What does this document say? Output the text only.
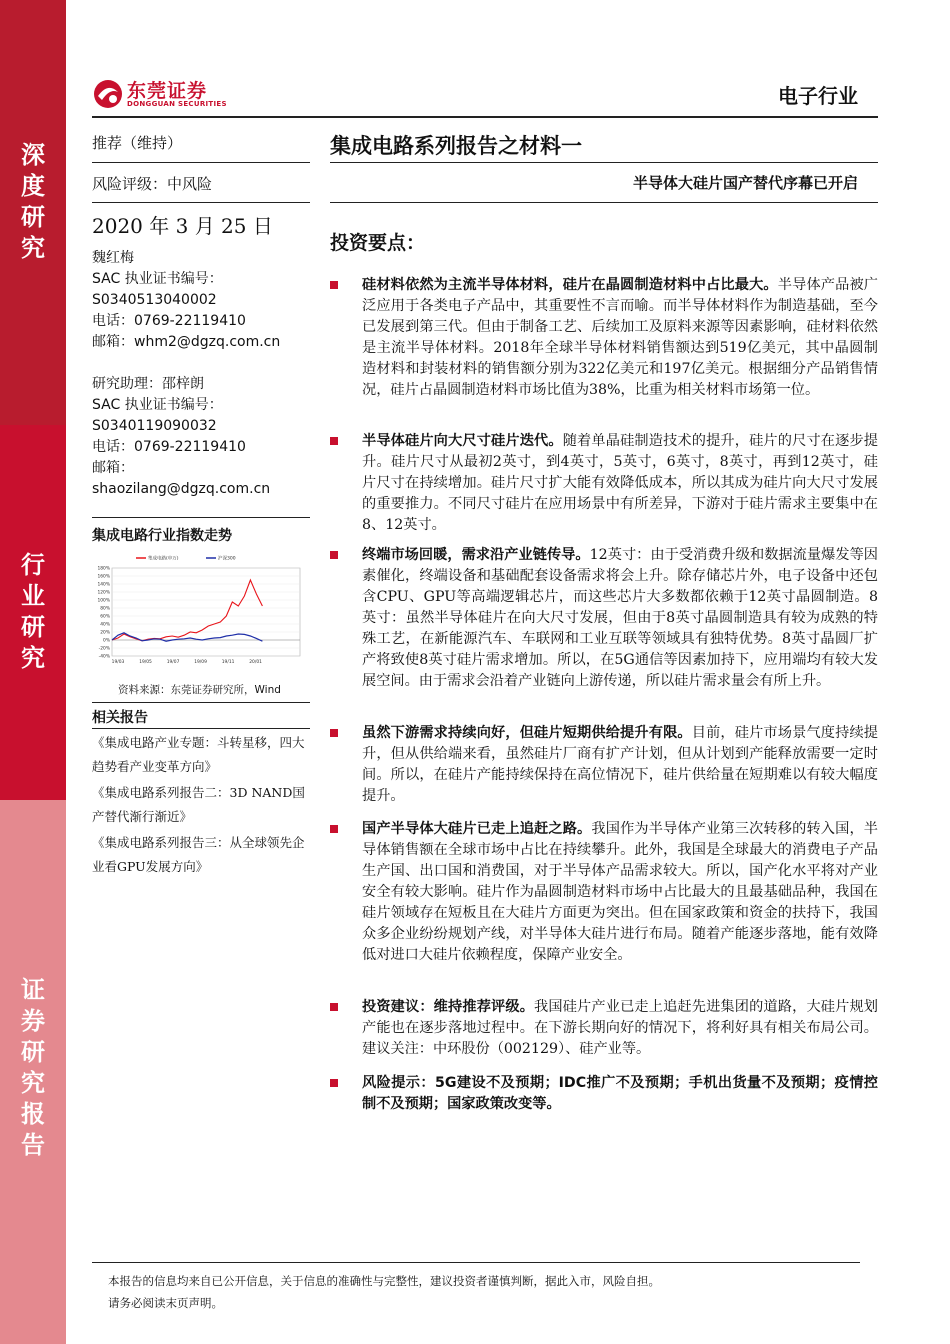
深度研究
行业研究
证券研究报告
东莞证券
DONGGUAN SECURITIES	电子行业
推荐（维持）
风险评级：中风险
2020 年 3 月 25 日
魏红梅
SAC 执业证书编号：
S0340513040002
电话：0769-22119410
邮箱：whm2@dgzq.com.cn
研究助理：邵梓朗
SAC 执业证书编号：
S0340119090032
电话：0769-22119410
邮箱：
shaozilang@dgzq.com.cn
集成电路行业指数走势
集成电路(申万)	沪深300
180%
160%
140%
120%
100%
80%
60%
40%
20%
0%
-20%
-40%
19/03	19/05	19/07	19/09	19/11	20/01
资料来源：东莞证券研究所，Wind
相关报告
《集成电路产业专题：斗转星移，四大趋势看产业变革方向》
《集成电路系列报告二：3D NAND国产替代渐行渐近》
《集成电路系列报告三：从全球领先企业看GPU发展方向》
集成电路系列报告之材料一
半导体大硅片国产替代序幕已开启
投资要点：
硅材料依然为主流半导体材料，硅片在晶圆制造材料中占比最大。半导体产品被广泛应用于各类电子产品中，其重要性不言而喻。而半导体材料作为制造基础，至今已发展到第三代。但由于制备工艺、后续加工及原料来源等因素影响，硅材料依然是主流半导体材料。2018年全球半导体材料销售额达到519亿美元，其中晶圆制造材料和封装材料的销售额分别为322亿美元和197亿美元。根据细分产品销售情况，硅片占晶圆制造材料市场比值为38%，比重为相关材料市场第一位。
半导体硅片向大尺寸硅片迭代。随着单晶硅制造技术的提升，硅片的尺寸在逐步提升。硅片尺寸从最初2英寸，到4英寸，5英寸，6英寸，8英寸，再到12英寸，硅片尺寸在持续增加。硅片尺寸扩大能有效降低成本，所以其成为硅片向大尺寸发展的重要推力。不同尺寸硅片在应用场景中有所差异，下游对于硅片需求主要集中在8、12英寸。
终端市场回暖，需求沿产业链传导。12英寸：由于受消费升级和数据流量爆发等因素催化，终端设备和基础配套设备需求将会上升。除存储芯片外，电子设备中还包含CPU、GPU等高端逻辑芯片，而这些芯片大多数都依赖于12英寸晶圆制造。8英寸：虽然半导体硅片在向大尺寸发展，但由于8英寸晶圆制造具有较为成熟的特殊工艺，在新能源汽车、车联网和工业互联等领域具有独特优势。8英寸晶圆厂扩产将致使8英寸硅片需求增加。所以，在5G通信等因素加持下，应用端均有较大发展空间。由于需求会沿着产业链向上游传递，所以硅片需求量会有所上升。
虽然下游需求持续向好，但硅片短期供给提升有限。目前，硅片市场景气度持续提升，但从供给端来看，虽然硅片厂商有扩产计划，但从计划到产能释放需要一定时间。所以，在硅片产能持续保持在高位情况下，硅片供给量在短期难以有较大幅度提升。
国产半导体大硅片已走上追赶之路。我国作为半导体产业第三次转移的转入国，半导体销售额在全球市场中占比在持续攀升。此外，我国是全球最大的消费电子产品生产国、出口国和消费国，对于半导体产品需求较大。所以，国产化水平将对产业安全有较大影响。硅片作为晶圆制造材料市场中占比最大的且最基础品种，我国在硅片领域存在短板且在大硅片方面更为突出。但在国家政策和资金的扶持下，我国众多企业纷纷规划产线，对半导体大硅片进行布局。随着产能逐步落地，能有效降低对进口大硅片依赖程度，保障产业安全。
投资建议：维持推荐评级。我国硅片产业已走上追赶先进集团的道路，大硅片规划产能也在逐步落地过程中。在下游长期向好的情况下，将利好具有相关布局公司。建议关注：中环股份（002129）、硅产业等。
风险提示：5G建设不及预期；IDC推广不及预期；手机出货量不及预期；疫情控制不及预期；国家政策改变等。
本报告的信息均来自已公开信息，关于信息的准确性与完整性，建议投资者谨慎判断，据此入市，风险自担。
请务必阅读末页声明。
